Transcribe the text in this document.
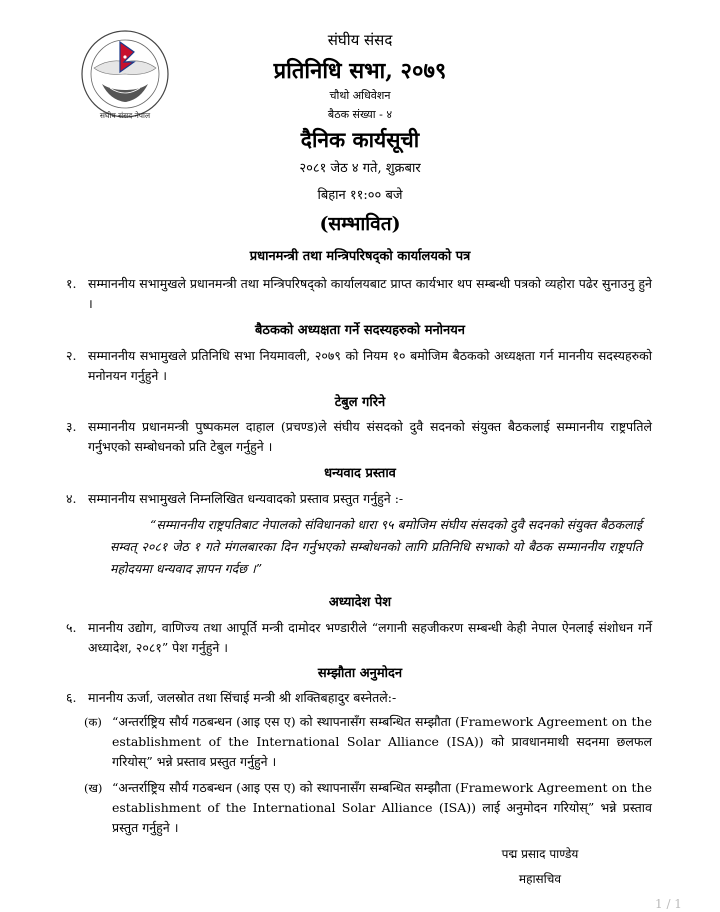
संघीय संसद नेपाल
संघीय संसद
प्रतिनिधि सभा, २०७९
चौथो अधिवेशन
बैठक संख्या - ४
दैनिक कार्यसूची
२०८१ जेठ ४ गते, शुक्रबार
बिहान ११:०० बजे
(सम्भावित)
प्रधानमन्त्री तथा मन्त्रिपरिषद्को कार्यालयको पत्र
१. सम्माननीय सभामुखले प्रधानमन्त्री तथा मन्त्रिपरिषद्को कार्यालयबाट प्राप्त कार्यभार थप सम्बन्धी पत्रको व्यहोरा पढेर सुनाउनु हुने ।
बैठकको अध्यक्षता गर्ने सदस्यहरुको मनोनयन
२. सम्माननीय सभामुखले प्रतिनिधि सभा नियमावली, २०७९ को नियम १० बमोजिम बैठकको अध्यक्षता गर्न माननीय सदस्यहरुको मनोनयन गर्नुहुने ।
टेबुल गरिने
३. सम्माननीय प्रधानमन्त्री पुष्पकमल दाहाल (प्रचण्ड)ले संघीय संसदको दुवै सदनको संयुक्त बैठकलाई सम्माननीय राष्ट्रपतिले गर्नुभएको सम्बोधनको प्रति टेबुल गर्नुहुने ।
धन्यवाद प्रस्ताव
४. सम्माननीय सभामुखले निम्नलिखित धन्यवादको प्रस्ताव प्रस्तुत गर्नुहुने :-
“सम्माननीय राष्ट्रपतिबाट नेपालको संविधानको धारा ९५ बमोजिम संघीय संसदको दुवै सदनको संयुक्त बैठकलाई सम्वत् २०८१ जेठ १ गते मंगलबारका दिन गर्नुभएको सम्बोधनको लागि प्रतिनिधि सभाको यो बैठक सम्माननीय राष्ट्रपति महोदयमा धन्यवाद ज्ञापन गर्दछ ।”
अध्यादेश पेश
५. माननीय उद्योग, वाणिज्य तथा आपूर्ति मन्त्री दामोदर भण्डारीले “लगानी सहजीकरण सम्बन्धी केही नेपाल ऐनलाई संशोधन गर्ने अध्यादेश, २०८१” पेश गर्नुहुने ।
सम्झौता अनुमोदन
६. माननीय ऊर्जा, जलस्रोत तथा सिंचाई मन्त्री श्री शक्तिबहादुर बस्नेतले:-
(क) “अन्तर्राष्ट्रिय सौर्य गठबन्धन (आइ एस ए) को स्थापनासँग सम्बन्धित सम्झौता (Framework Agreement on the establishment of the International Solar Alliance (ISA)) को प्रावधानमाथी सदनमा छलफल गरियोस्” भन्ने प्रस्ताव प्रस्तुत गर्नुहुने ।
(ख) “अन्तर्राष्ट्रिय सौर्य गठबन्धन (आइ एस ए) को स्थापनासँग सम्बन्धित सम्झौता (Framework Agreement on the establishment of the International Solar Alliance (ISA)) लाई अनुमोदन गरियोस्” भन्ने प्रस्ताव प्रस्तुत गर्नुहुने ।
पद्म प्रसाद पाण्डेय
महासचिव
1 / 1
